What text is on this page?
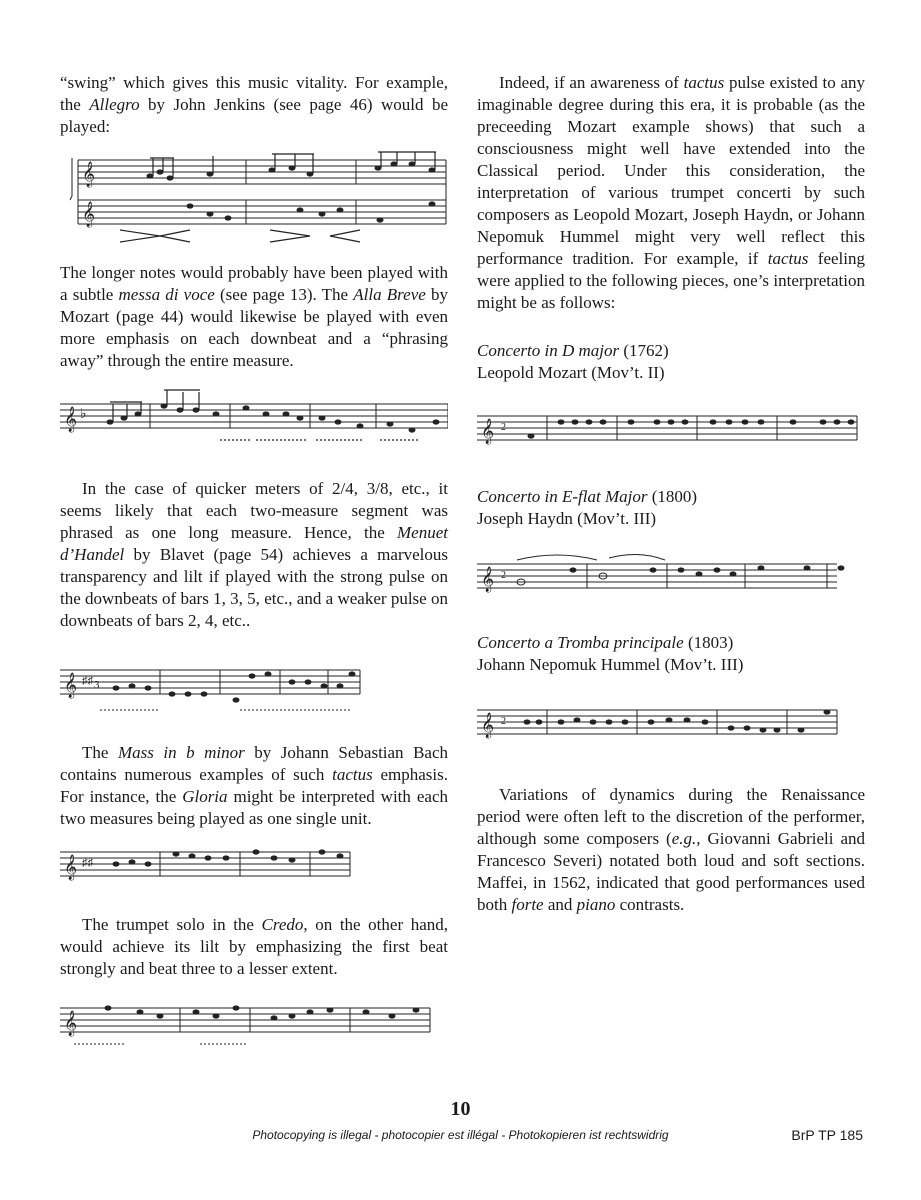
“swing” which gives this music vitality. For example, the Allegro by John Jenkins (see page 46) would be played:

𝄞
𝄞

The longer notes would probably have been played with a subtle messa di voce (see page 13). The Alla Breve by Mozart (page 44) would likewise be played with even more emphasis on each downbeat and a “phrasing away” through the entire measure.

𝄞 ♭

In the case of quicker meters of 2/4, 3/8, etc., it seems likely that each two-measure segment was phrased as one long measure. Hence, the Menuet d’Handel by Blavet (page 54) achieves a marvelous transparency and lilt if played with the strong pulse on the downbeats of bars 1, 3, 5, etc., and a weaker pulse on downbeats of bars 2, 4, etc..

𝄞 ♯♯ 3

The Mass in b minor by Johann Sebastian Bach contains numerous examples of such tactus emphasis. For instance, the Gloria might be interpreted with each two measures being played as one single unit.

𝄞 ♯♯

The trumpet solo in the Credo, on the other hand, would achieve its lilt by emphasizing the first beat strongly and beat three to a lesser extent.

𝄞

Indeed, if an awareness of tactus pulse existed to any imaginable degree during this era, it is probable (as the preceeding Mozart example shows) that such a consciousness might well have extended into the Classical period. Under this consideration, the interpretation of various trumpet concerti by such composers as Leopold Mozart, Joseph Haydn, or Johann Nepomuk Hummel might very well reflect this performance tradition. For example, if tactus feeling were applied to the following pieces, one’s interpretation might be as follows:

Concerto in D major (1762)

Leopold Mozart (Mov’t. II)

𝄞 2

Concerto in E-flat Major (1800)

Joseph Haydn (Mov’t. III)

𝄞 2

Concerto a Tromba principale (1803)

Johann Nepomuk Hummel (Mov’t. III)

𝄞 2

Variations of dynamics during the Renaissance period were often left to the discretion of the performer, although some composers (e.g., Giovanni Gabrieli and Francesco Severi) notated both loud and soft sections. Maffei, in 1562, indicated that good performances used both forte and piano contrasts.

10
Photocopying is illegal - photocopier est illégal - Photokopieren ist rechtswidrig	BrP TP 185
